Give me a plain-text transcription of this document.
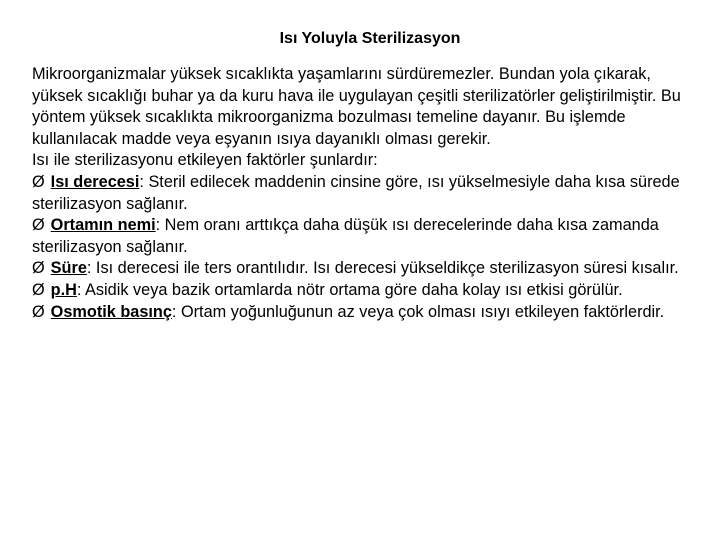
Isı Yoluyla Sterilizasyon

Mikroorganizmalar yüksek sıcaklıkta yaşamlarını sürdüremezler. Bundan yola çıkarak, yüksek sıcaklığı buhar ya da kuru hava ile uygulayan çeşitli sterilizatörler geliştirilmiştir. Bu yöntem yüksek sıcaklıkta mikroorganizma bozulması temeline dayanır. Bu işlemde kullanılacak madde veya eşyanın ısıya dayanıklı olması gerekir.

Isı ile sterilizasyonu etkileyen faktörler şunlardır:

Ø Isı derecesi: Steril edilecek maddenin cinsine göre, ısı yükselmesiyle daha kısa sürede sterilizasyon sağlanır.

Ø Ortamın nemi: Nem oranı arttıkça daha düşük ısı derecelerinde daha kısa zamanda sterilizasyon sağlanır.

Ø Süre: Isı derecesi ile ters orantılıdır. Isı derecesi yükseldikçe sterilizasyon süresi kısalır.

Ø p.H: Asidik veya bazik ortamlarda nötr ortama göre daha kolay ısı etkisi görülür.

Ø Osmotik basınç: Ortam yoğunluğunun az veya çok olması ısıyı etkileyen faktörlerdir.
